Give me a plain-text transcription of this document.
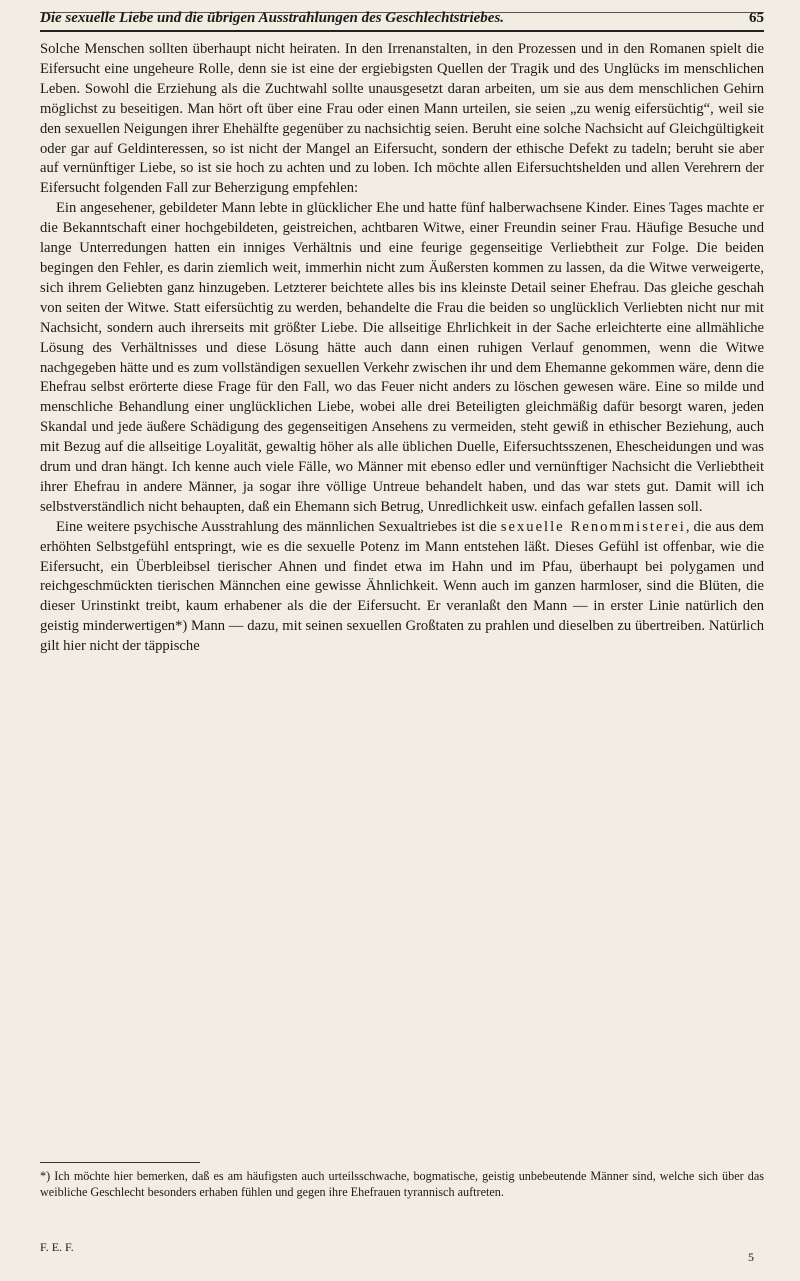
Die sexuelle Liebe und die übrigen Ausstrahlungen des Geschlechtstriebes.	65

Solche Menschen sollten überhaupt nicht heiraten. In den Irrenanstalten, in den Prozessen und in den Romanen spielt die Eifersucht eine ungeheure Rolle, denn sie ist eine der ergiebigsten Quellen der Tragik und des Unglücks im menschlichen Leben. Sowohl die Erziehung als die Zuchtwahl sollte unausgesetzt daran arbeiten, um sie aus dem menschlichen Gehirn möglichst zu beseitigen. Man hört oft über eine Frau oder einen Mann urteilen, sie seien „zu wenig eifersüchtig“, weil sie den sexuellen Neigungen ihrer Ehehälfte gegenüber zu nachsichtig seien. Beruht eine solche Nachsicht auf Gleichgültigkeit oder gar auf Geldinteressen, so ist nicht der Mangel an Eifersucht, sondern der ethische Defekt zu tadeln; beruht sie aber auf vernünftiger Liebe, so ist sie hoch zu achten und zu loben. Ich möchte allen Eifersuchtshelden und allen Verehrern der Eifersucht folgenden Fall zur Beherzigung empfehlen:

Ein angesehener, gebildeter Mann lebte in glücklicher Ehe und hatte fünf halberwachsene Kinder. Eines Tages machte er die Bekanntschaft einer hochgebildeten, geistreichen, achtbaren Witwe, einer Freundin seiner Frau. Häufige Besuche und lange Unterredungen hatten ein inniges Verhältnis und eine feurige gegenseitige Verliebtheit zur Folge. Die beiden begingen den Fehler, es darin ziemlich weit, immerhin nicht zum Äußersten kommen zu lassen, da die Witwe verweigerte, sich ihrem Geliebten ganz hinzugeben. Letzterer beichtete alles bis ins kleinste Detail seiner Ehefrau. Das gleiche geschah von seiten der Witwe. Statt eifersüchtig zu werden, behandelte die Frau die beiden so unglücklich Verliebten nicht nur mit Nachsicht, sondern auch ihrerseits mit größter Liebe. Die allseitige Ehrlichkeit in der Sache erleichterte eine allmähliche Lösung des Verhältnisses und diese Lösung hätte auch dann einen ruhigen Verlauf genommen, wenn die Witwe nachgegeben hätte und es zum vollständigen sexuellen Verkehr zwischen ihr und dem Ehemanne gekommen wäre, denn die Ehefrau selbst erörterte diese Frage für den Fall, wo das Feuer nicht anders zu löschen gewesen wäre. Eine so milde und menschliche Behandlung einer unglücklichen Liebe, wobei alle drei Beteiligten gleichmäßig dafür besorgt waren, jeden Skandal und jede äußere Schädigung des gegenseitigen Ansehens zu vermeiden, steht gewiß in ethischer Beziehung, auch mit Bezug auf die allseitige Loyalität, gewaltig höher als alle üblichen Duelle, Eifersuchtsszenen, Ehescheidungen und was drum und dran hängt. Ich kenne auch viele Fälle, wo Männer mit ebenso edler und vernünftiger Nachsicht die Verliebtheit ihrer Ehefrau in andere Männer, ja sogar ihre völlige Untreue behandelt haben, und das war stets gut. Damit will ich selbstverständlich nicht behaupten, daß ein Ehemann sich Betrug, Unredlichkeit usw. einfach gefallen lassen soll.

Eine weitere psychische Ausstrahlung des männlichen Sexualtriebes ist die sexuelle Renommisterei, die aus dem erhöhten Selbstgefühl entspringt, wie es die sexuelle Potenz im Mann entstehen läßt. Dieses Gefühl ist offenbar, wie die Eifersucht, ein Überbleibsel tierischer Ahnen und findet etwa im Hahn und im Pfau, überhaupt bei polygamen und reichgeschmückten tierischen Männchen eine gewisse Ähnlichkeit. Wenn auch im ganzen harmloser, sind die Blüten, die dieser Urinstinkt treibt, kaum erhabener als die der Eifersucht. Er veranlaßt den Mann — in erster Linie natürlich den geistig minderwertigen*) Mann — dazu, mit seinen sexuellen Großtaten zu prahlen und dieselben zu übertreiben. Natürlich gilt hier nicht der täppische

*) Ich möchte hier bemerken, daß es am häufigsten auch urteilsschwache, bogmatische, geistig unbebeutende Männer sind, welche sich über das weibliche Geschlecht besonders erhaben fühlen und gegen ihre Ehefrauen tyrannisch auftreten.
F. E. F.
5
